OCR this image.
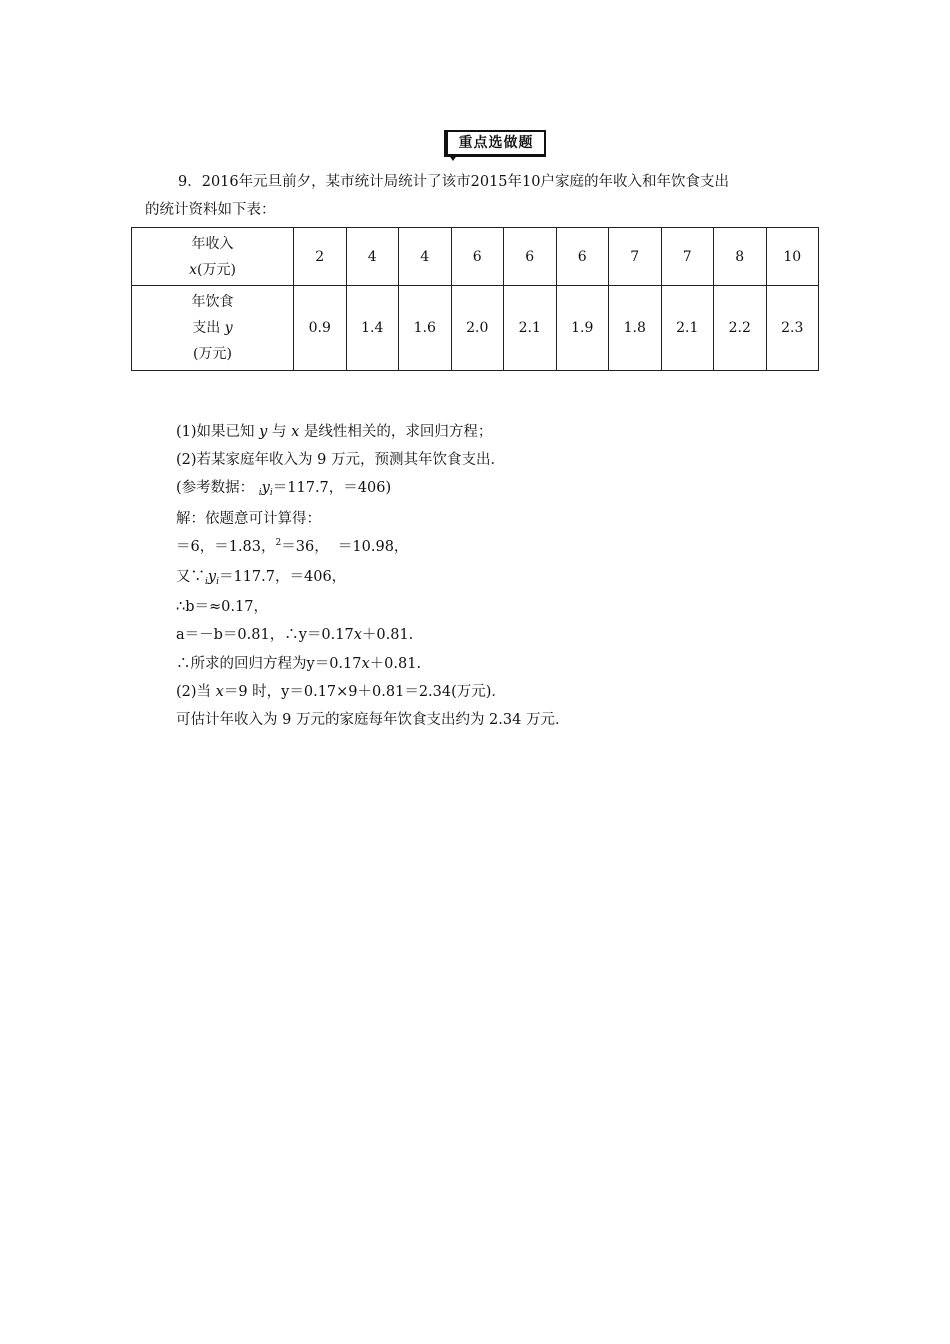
重点选做题
9．2016年元旦前夕，某市统计局统计了该市2015年10户家庭的年收入和年饮食支出
的统计资料如下表：
年收入
x(万元)	2	4	4	6	6	6	7	7	8	10

年饮食
支出 y
(万元)	0.9	1.4	1.6	2.0	2.1	1.9	1.8	2.1	2.2	2.3
(1)如果已知 y 与 x 是线性相关的，求回归方程；
(2)若某家庭年收入为 9 万元，预测其年饮食支出．
(参考数据： $_iy_i=117.7$，＝406)
解：依题意可计算得：
＝6，＝1.83，$^2$＝36，  ＝10.98，
又$\because_iy_i=117.7$，＝406，
∴b＝≈0.17，
a＝－b＝0.81，∴y＝0.17x＋0.81.
∴所求的回归方程为y＝0.17x＋0.81.
(2)当 x＝9 时，y＝0.17×9＋0.81＝2.34(万元)．
可估计年收入为 9 万元的家庭每年饮食支出约为 2.34 万元．
